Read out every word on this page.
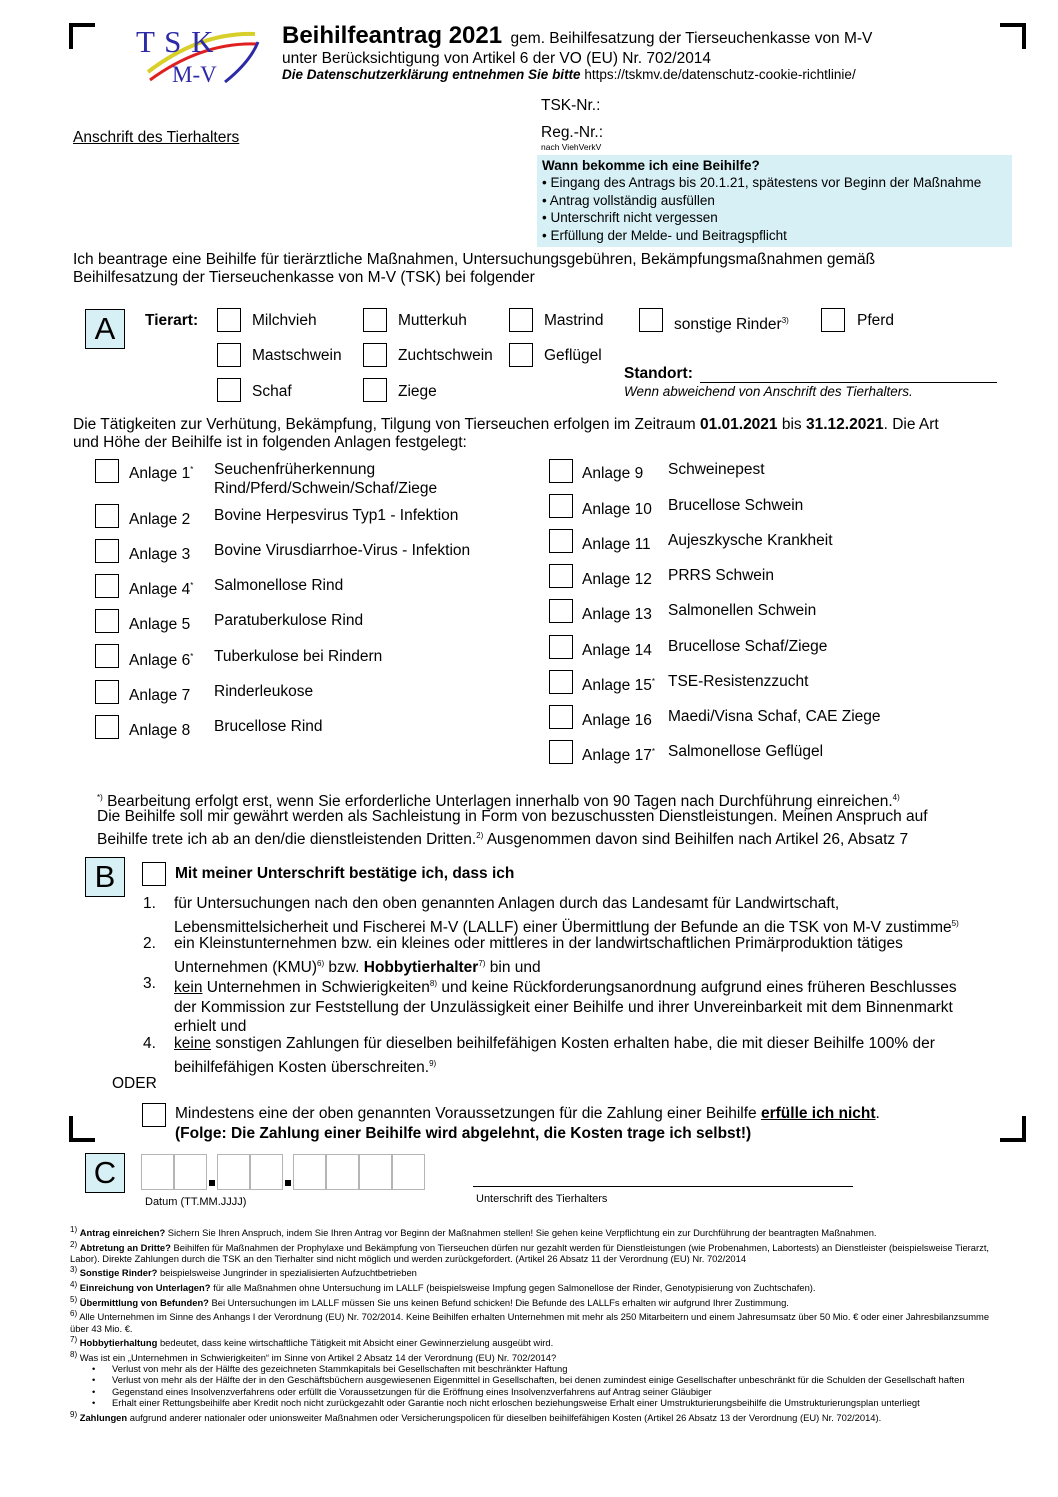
T S K
M-V
Beihilfeantrag 2021 gem. Beihilfesatzung der Tierseuchenkasse von M-V
unter Berücksichtigung von Artikel 6 der VO (EU) Nr. 702/2014
Die Datenschutzerklärung entnehmen Sie bitte https://tskmv.de/datenschutz-cookie-richtlinie/
TSK-Nr.:
Anschrift des Tierhalters	Reg.-Nr.:
nach ViehVerkV
Wann bekomme ich eine Beihilfe?
• Eingang des Antrags bis 20.1.21, spätestens vor Beginn der Maßnahme
• Antrag vollständig ausfüllen
• Unterschrift nicht vergessen
• Erfüllung der Melde- und Beitragspflicht
Ich beantrage eine Beihilfe für tierärztliche Maßnahmen, Untersuchungsgebühren, Bekämpfungsmaßnahmen gemäß
Beihilfesatzung der Tierseuchenkasse von M-V (TSK) bei folgender
A	Tierart:	Milchvieh	Mutterkuh	Mastrind	sonstige Rinder$^{3)}$	Pferd
Mastschwein	Zuchtschwein	Geflügel
Schaf	Ziege
Standort:
Wenn abweichend von Anschrift des Tierhalters.
Die Tätigkeiten zur Verhütung, Bekämpfung, Tilgung von Tierseuchen erfolgen im Zeitraum 01.01.2021 bis 31.12.2021. Die Art
und Höhe der Beihilfe ist in folgenden Anlagen festgelegt:
Anlage 1* Seuchenfrüherkennung
Rind/Pferd/Schwein/Schaf/Ziege
Anlage 2 Bovine Herpesvirus Typ1 - Infektion
Anlage 3 Bovine Virusdiarrhoe-Virus - Infektion
Anlage 4* Salmonellose Rind
Anlage 5 Paratuberkulose Rind
Anlage 6* Tuberkulose bei Rindern
Anlage 7 Rinderleukose
Anlage 8 Brucellose Rind
Anlage 9 Schweinepest
Anlage 10 Brucellose Schwein
Anlage 11 Aujeszkysche Krankheit
Anlage 12 PRRS Schwein
Anlage 13 Salmonellen Schwein
Anlage 14 Brucellose Schaf/Ziege
Anlage 15* TSE-Resistenzzucht
Anlage 16 Maedi/Visna Schaf, CAE Ziege
Anlage 17* Salmonellose Geflügel
*) Bearbeitung erfolgt erst, wenn Sie erforderliche Unterlagen innerhalb von 90 Tagen nach Durchführung einreichen.$^{4)}$
Die Beihilfe soll mir gewährt werden als Sachleistung in Form von bezuschussten Dienstleistungen. Meinen Anspruch auf
Beihilfe trete ich ab an den/die dienstleistenden Dritten.$^{2)}$ Ausgenommen davon sind Beihilfen nach Artikel 26, Absatz 7
B	Mit meiner Unterschrift bestätige ich, dass ich
1. für Untersuchungen nach den oben genannten Anlagen durch das Landesamt für Landwirtschaft,
Lebensmittelsicherheit und Fischerei M-V (LALLF) einer Übermittlung der Befunde an die TSK von M-V zustimme$^{5)}$
2. ein Kleinstunternehmen bzw. ein kleines oder mittleres in der landwirtschaftlichen Primärproduktion tätiges
Unternehmen (KMU)$^{6)}$ bzw. Hobbytierhalter$^{7)}$ bin und
3. kein Unternehmen in Schwierigkeiten$^{8)}$ und keine Rückforderungsanordnung aufgrund eines früheren Beschlusses
der Kommission zur Feststellung der Unzulässigkeit einer Beihilfe und ihrer Unvereinbarkeit mit dem Binnenmarkt
erhielt und
4. keine sonstigen Zahlungen für dieselben beihilfefähigen Kosten erhalten habe, die mit dieser Beihilfe 100% der
beihilfefähigen Kosten überschreiten.$^{9)}$
ODER
Mindestens eine der oben genannten Voraussetzungen für die Zahlung einer Beihilfe erfülle ich nicht.
(Folge: Die Zahlung einer Beihilfe wird abgelehnt, die Kosten trage ich selbst!)
C
Datum (TT.MM.JJJJ)	Unterschrift des Tierhalters
$^{1)}$ Antrag einreichen? Sichern Sie Ihren Anspruch, indem Sie Ihren Antrag vor Beginn der Maßnahmen stellen! Sie gehen keine Verpflichtung ein zur Durchführung der beantragten Maßnahmen.
$^{2)}$ Abtretung an Dritte? Beihilfen für Maßnahmen der Prophylaxe und Bekämpfung von Tierseuchen dürfen nur gezahlt werden für Dienstleistungen (wie Probenahmen, Labortests) an Dienstleister (beispielsweise Tierarzt, Labor). Direkte Zahlungen durch die TSK an den Tierhalter sind nicht möglich und werden zurückgefordert. (Artikel 26 Absatz 11 der Verordnung (EU) Nr. 702/2014
$^{3)}$ Sonstige Rinder? beispielsweise Jungrinder in spezialisierten Aufzuchtbetrieben
$^{4)}$ Einreichung von Unterlagen? für alle Maßnahmen ohne Untersuchung im LALLF (beispielsweise Impfung gegen Salmonellose der Rinder, Genotypisierung von Zuchtschafen).
$^{5)}$ Übermittlung von Befunden? Bei Untersuchungen im LALLF müssen Sie uns keinen Befund schicken! Die Befunde des LALLFs erhalten wir aufgrund Ihrer Zustimmung.
$^{6)}$ Alle Unternehmen im Sinne des Anhangs I der Verordnung (EU) Nr. 702/2014. Keine Beihilfen erhalten Unternehmen mit mehr als 250 Mitarbeitern und einem Jahresumsatz über 50 Mio. € oder einer Jahresbilanzsumme über 43 Mio. €.
$^{7)}$ Hobbytierhaltung bedeutet, dass keine wirtschaftliche Tätigkeit mit Absicht einer Gewinnerzielung ausgeübt wird.
$^{8)}$ Was ist ein „Unternehmen in Schwierigkeiten“ im Sinne von Artikel 2 Absatz 14 der Verordnung (EU) Nr. 702/2014?
•	Verlust von mehr als der Hälfte des gezeichneten Stammkapitals bei Gesellschaften mit beschränkter Haftung
•	Verlust von mehr als der Hälfte der in den Geschäftsbüchern ausgewiesenen Eigenmittel in Gesellschaften, bei denen zumindest einige Gesellschafter unbeschränkt für die Schulden der Gesellschaft haften
•	Gegenstand eines Insolvenzverfahrens oder erfüllt die Voraussetzungen für die Eröffnung eines Insolvenzverfahrens auf Antrag seiner Gläubiger
•	Erhalt einer Rettungsbeihilfe aber Kredit noch nicht zurückgezahlt oder Garantie noch nicht erloschen beziehungsweise Erhalt einer Umstrukturierungsbeihilfe die Umstrukturierungsplan unterliegt
$^{9)}$ Zahlungen aufgrund anderer nationaler oder unionsweiter Maßnahmen oder Versicherungspolicen für dieselben beihilfefähigen Kosten (Artikel 26 Absatz 13 der Verordnung (EU) Nr. 702/2014).
